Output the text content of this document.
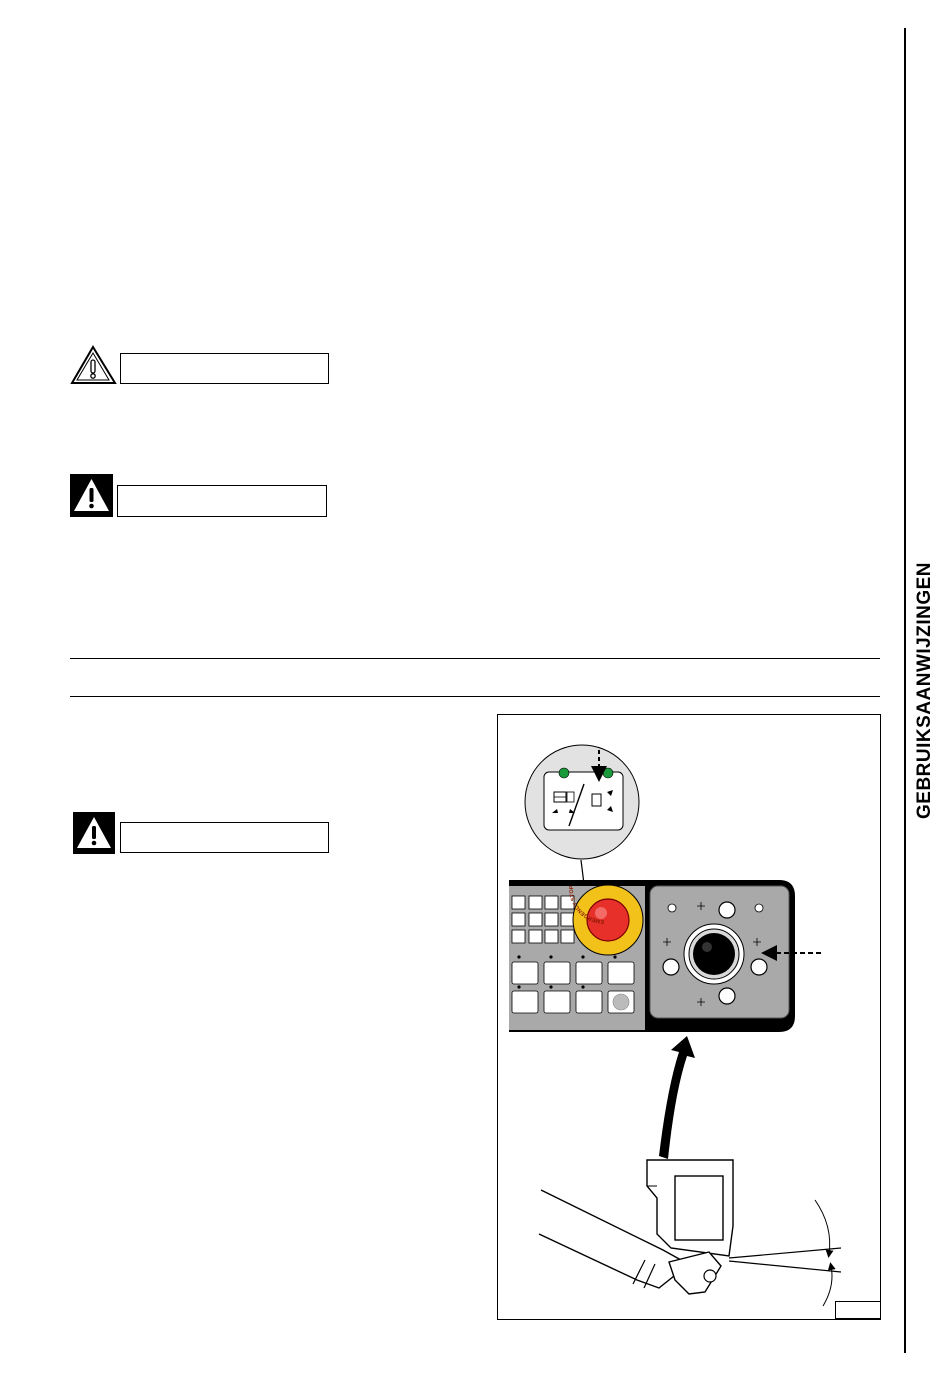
GEBRUIKSAANWIJZINGEN
EMERGENCY STOP
